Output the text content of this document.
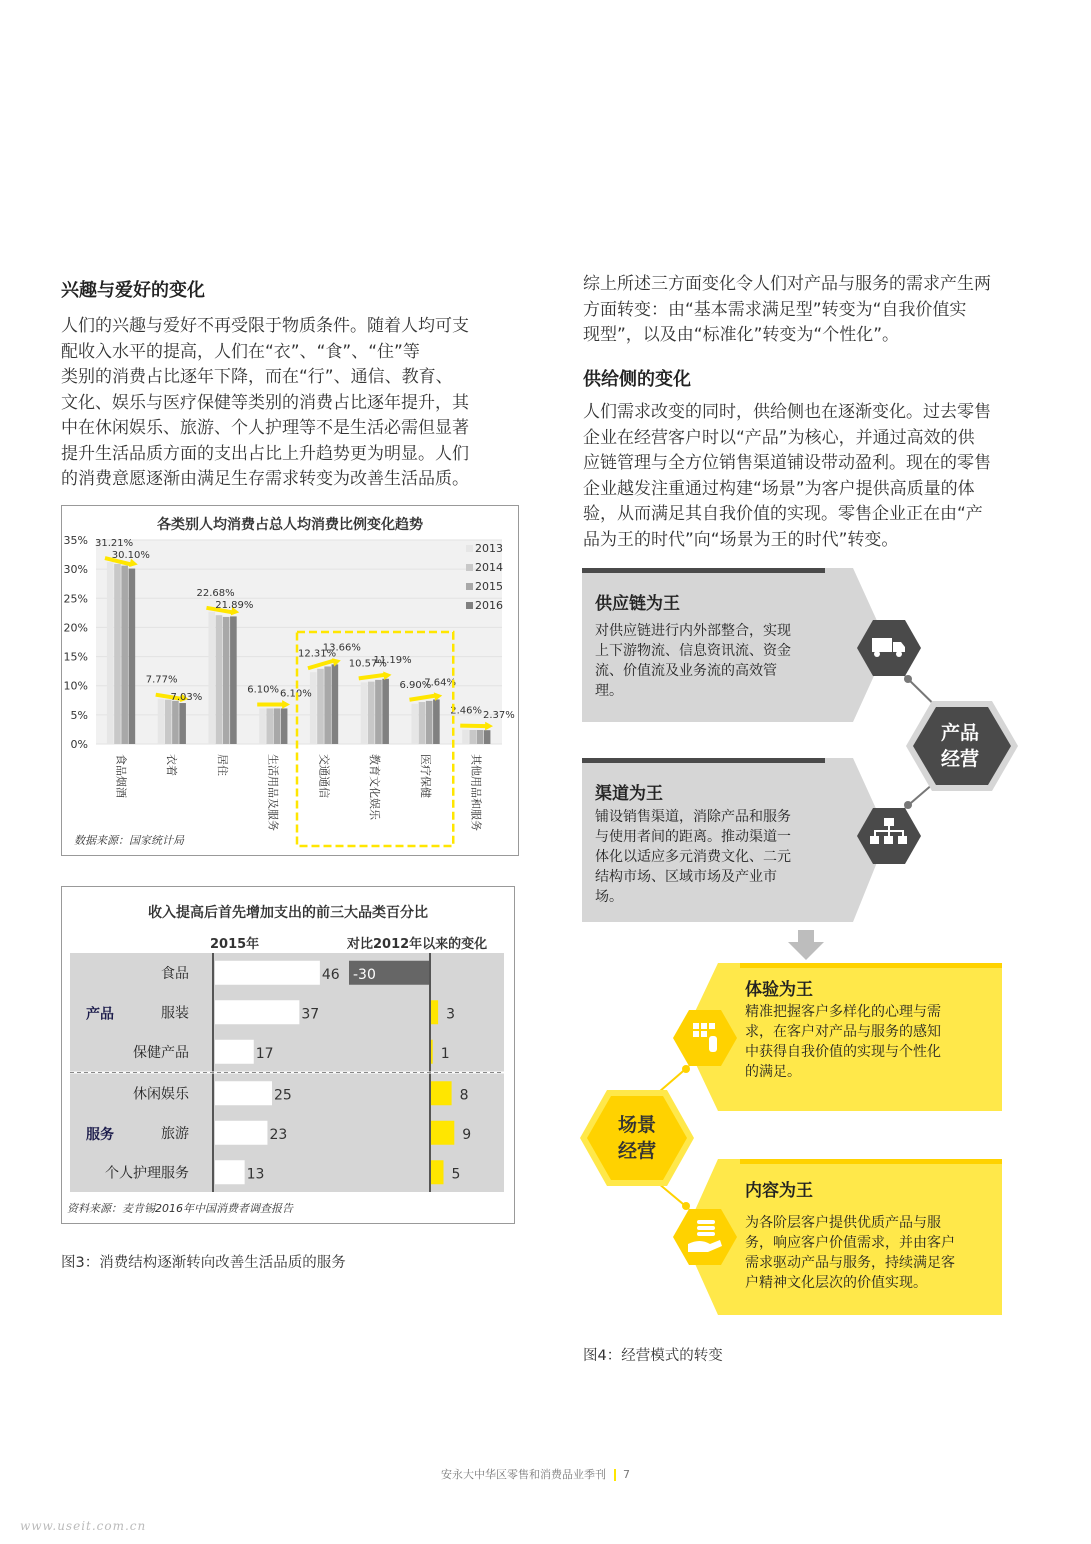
兴趣与爱好的变化
人们的兴趣与爱好不再受限于物质条件。随着人均可支
配收入水平的提高，人们在“衣”、“食”、“住”等
类别的消费占比逐年下降，而在“行”、通信、教育、
文化、娱乐与医疗保健等类别的消费占比逐年提升，其
中在休闲娱乐、旅游、个人护理等不是生活必需但显著
提升生活品质方面的支出占比上升趋势更为明显。人们
的消费意愿逐渐由满足生存需求转变为改善生活品质。
各类别人均消费占总人均消费比例变化趋势
35%
30%
25%
20%
15%
10%
5%
0%
食品烟酒	衣着	居住	生活用品及服务	交通通信	教育文化娱乐	医疗保健	其他用品和服务
31.21%
30.10%
7.77%
7.03%
22.68%
21.89%
6.10% 6.10%
12.31%
13.66%
10.57%
11.19%
6.90%
7.64%
2.46% 2.37%
2013
2014
2015
2016
数据来源：国家统计局
收入提高后首先增加支出的前三大品类百分比
2015年	对比2012年以来的变化
产品
食品	46 -30
服装	37	3
保健产品	17	1
服务
休闲娱乐	25	8
旅游	23	9
个人护理服务	13	5
资料来源：麦肯锡2016年中国消费者调查报告
图3：消费结构逐渐转向改善生活品质的服务
综上所述三方面变化令人们对产品与服务的需求产生两
方面转变：由“基本需求满足型”转变为“自我价值实
现型”，以及由“标准化”转变为“个性化”。
供给侧的变化
人们需求改变的同时，供给侧也在逐渐变化。过去零售
企业在经营客户时以“产品”为核心，并通过高效的供
应链管理与全方位销售渠道铺设带动盈利。现在的零售
企业越发注重通过构建“场景”为客户提供高质量的体
验，从而满足其自我价值的实现。零售企业正在由“产
品为王的时代”向“场景为王的时代”转变。
供应链为王
对供应链进行内外部整合，实现
上下游物流、信息资讯流、资金
流、价值流及业务流的高效管
理。
渠道为王
铺设销售渠道，消除产品和服务
与使用者间的距离。推动渠道一
体化以适应多元消费文化、二元
结构市场、区域市场及产业市
场。
产品
经营
体验为王
精准把握客户多样化的心理与需
求，在客户对产品与服务的感知
中获得自我价值的实现与个性化
的满足。
内容为王
为各阶层客户提供优质产品与服
务，响应客户价值需求，并由客户
需求驱动产品与服务，持续满足客
户精神文化层次的价值实现。
场景
经营
图4：经营模式的转变
安永大中华区零售和消费品业季刊 7
www.useit.com.cn
